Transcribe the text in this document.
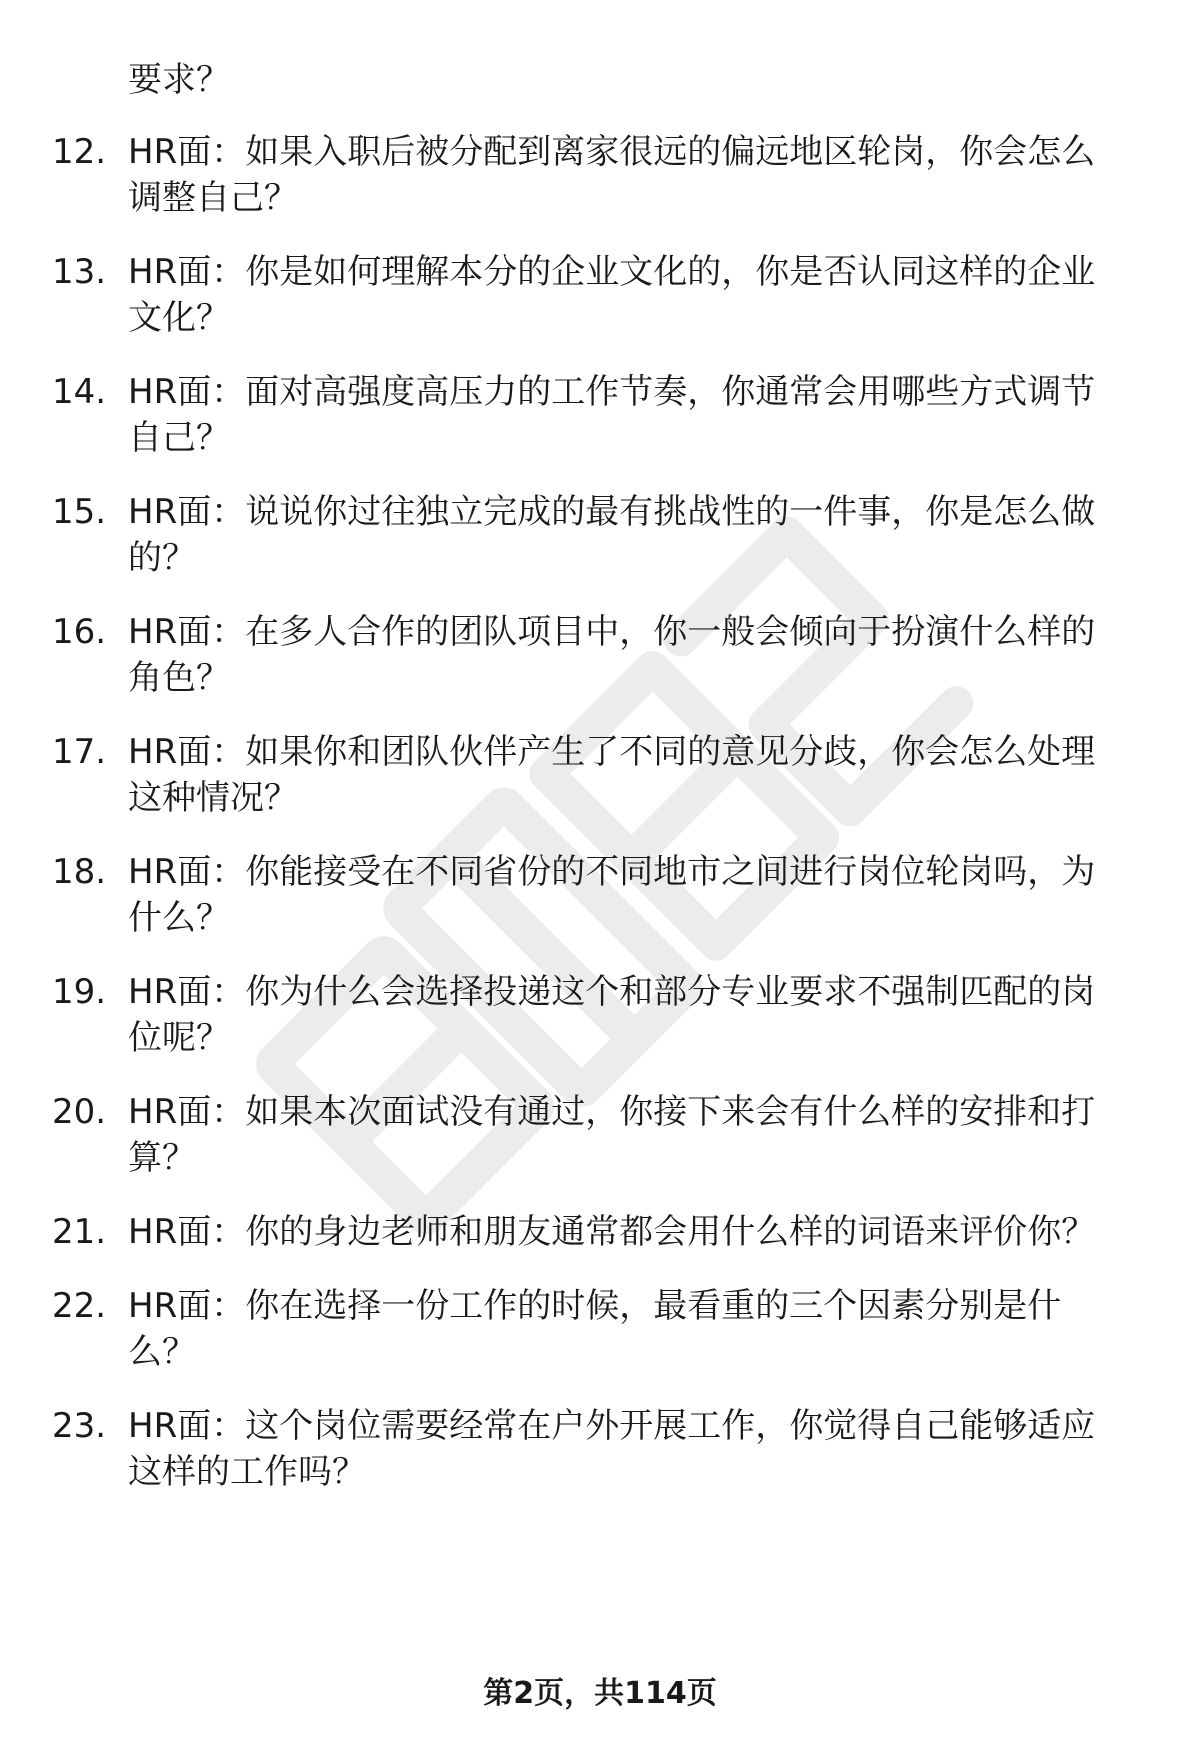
要求？
12. HR面：如果入职后被分配到离家很远的偏远地区轮岗，你会怎么
调整自己？
13. HR面：你是如何理解本分的企业文化的，你是否认同这样的企业
文化？
14. HR面：面对高强度高压力的工作节奏，你通常会用哪些方式调节
自己？
15. HR面：说说你过往独立完成的最有挑战性的一件事，你是怎么做
的？
16. HR面：在多人合作的团队项目中，你一般会倾向于扮演什么样的
角色？
17. HR面：如果你和团队伙伴产生了不同的意见分歧，你会怎么处理
这种情况？
18. HR面：你能接受在不同省份的不同地市之间进行岗位轮岗吗，为
什么？
19. HR面：你为什么会选择投递这个和部分专业要求不强制匹配的岗
位呢？
20. HR面：如果本次面试没有通过，你接下来会有什么样的安排和打
算？
21. HR面：你的身边老师和朋友通常都会用什么样的词语来评价你？
22. HR面：你在选择一份工作的时候，最看重的三个因素分别是什
么？
23. HR面：这个岗位需要经常在户外开展工作，你觉得自己能够适应
这样的工作吗？
第2页，共114页
